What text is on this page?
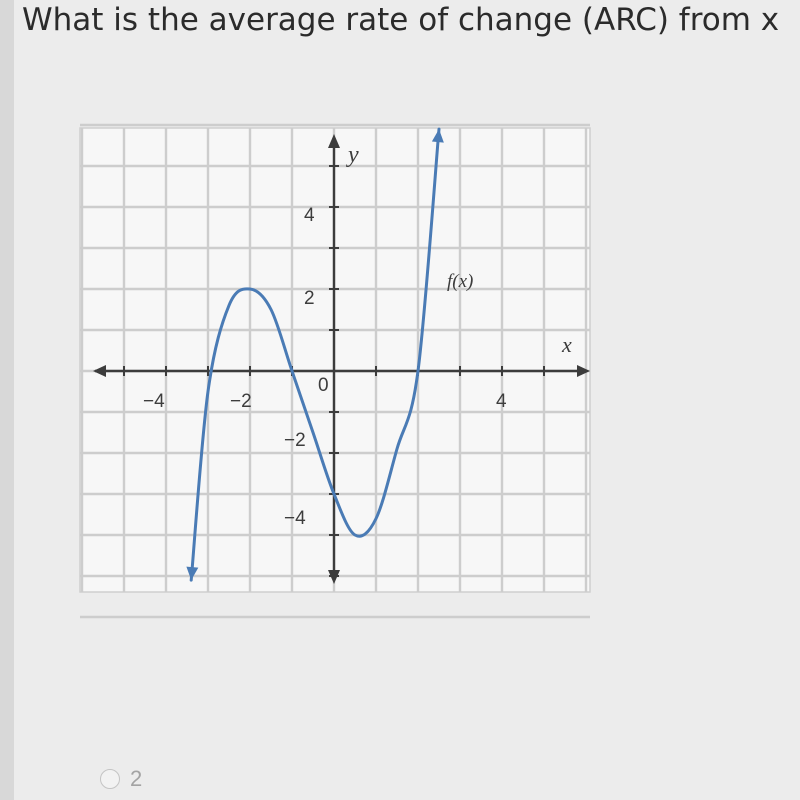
What is the average rate of change (ARC) from x
y
x
−4	−2	4
0
4
2
−2
−4
f(x)
2
